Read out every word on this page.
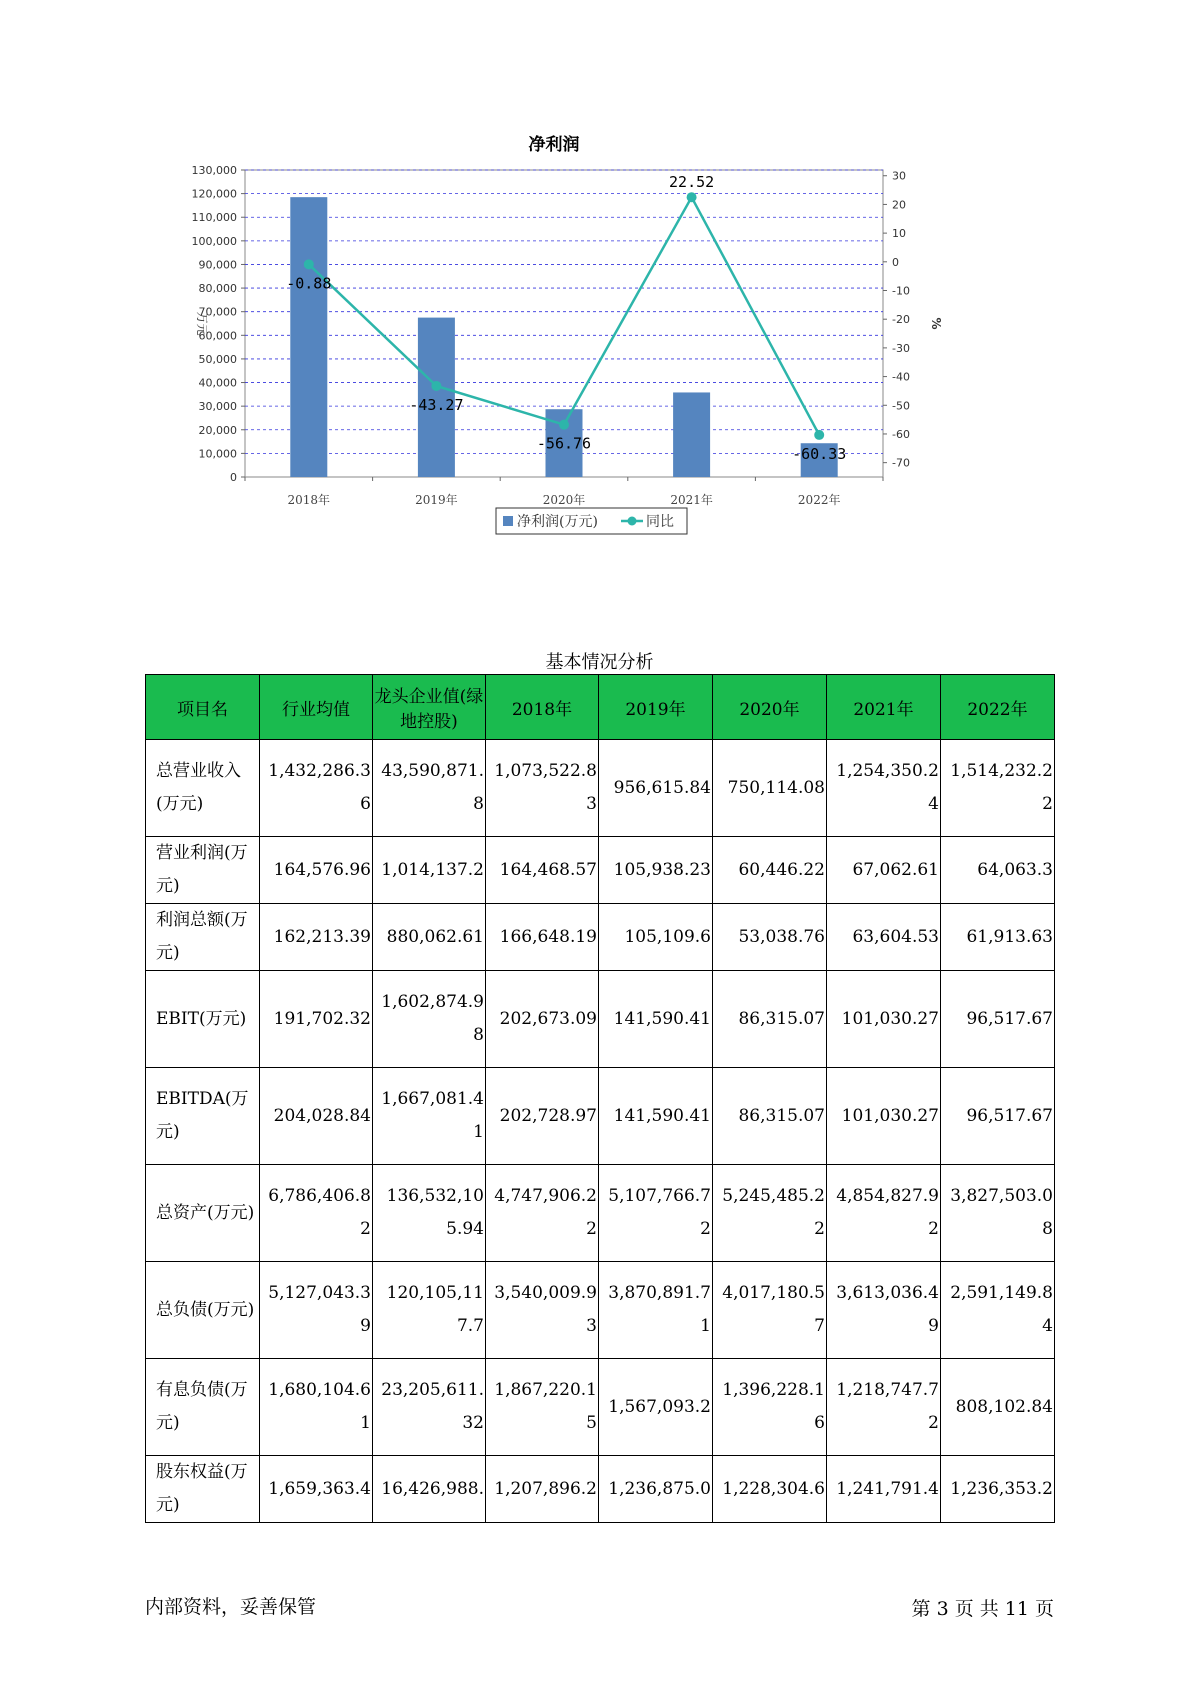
净利润
0
10,000
20,000
30,000
40,000
50,000
60,000
70,000
80,000
90,000
100,000
110,000
120,000
130,000	30
20
10
0
-10
-20
-30
-40
-50
-60
-70
万元	%
2018年	2019年	2020年	2021年	2022年
-0.88
-43.27
-56.76
22.52
-60.33
净利润(万元)	同比
基本情况分析
项目名	行业均值	龙头企业值(绿地控股)	2018年	2019年	2020年	2021年	2022年
总营业收入(万元)	1,432,286.36	43,590,871.8	1,073,522.83	956,615.84	750,114.08	1,254,350.24	1,514,232.22
营业利润(万元)	164,576.96	1,014,137.2	164,468.57	105,938.23	60,446.22	67,062.61	64,063.3
利润总额(万元)	162,213.39	880,062.61	166,648.19	105,109.6	53,038.76	63,604.53	61,913.63
EBIT(万元)	191,702.32	1,602,874.98	202,673.09	141,590.41	86,315.07	101,030.27	96,517.67
EBITDA(万元)	204,028.84	1,667,081.41	202,728.97	141,590.41	86,315.07	101,030.27	96,517.67
总资产(万元)	6,786,406.82	136,532,105.94	4,747,906.22	5,107,766.72	5,245,485.22	4,854,827.92	3,827,503.08
总负债(万元)	5,127,043.39	120,105,117.7	3,540,009.93	3,870,891.71	4,017,180.57	3,613,036.49	2,591,149.84
有息负债(万元)	1,680,104.61	23,205,611.32	1,867,220.15	1,567,093.2	1,396,228.16	1,218,747.72	808,102.84
股东权益(万元)	1,659,363.4	16,426,988.	1,207,896.2	1,236,875.0	1,228,304.6	1,241,791.4	1,236,353.2
内部资料，妥善保管	第 3 页 共 11 页
